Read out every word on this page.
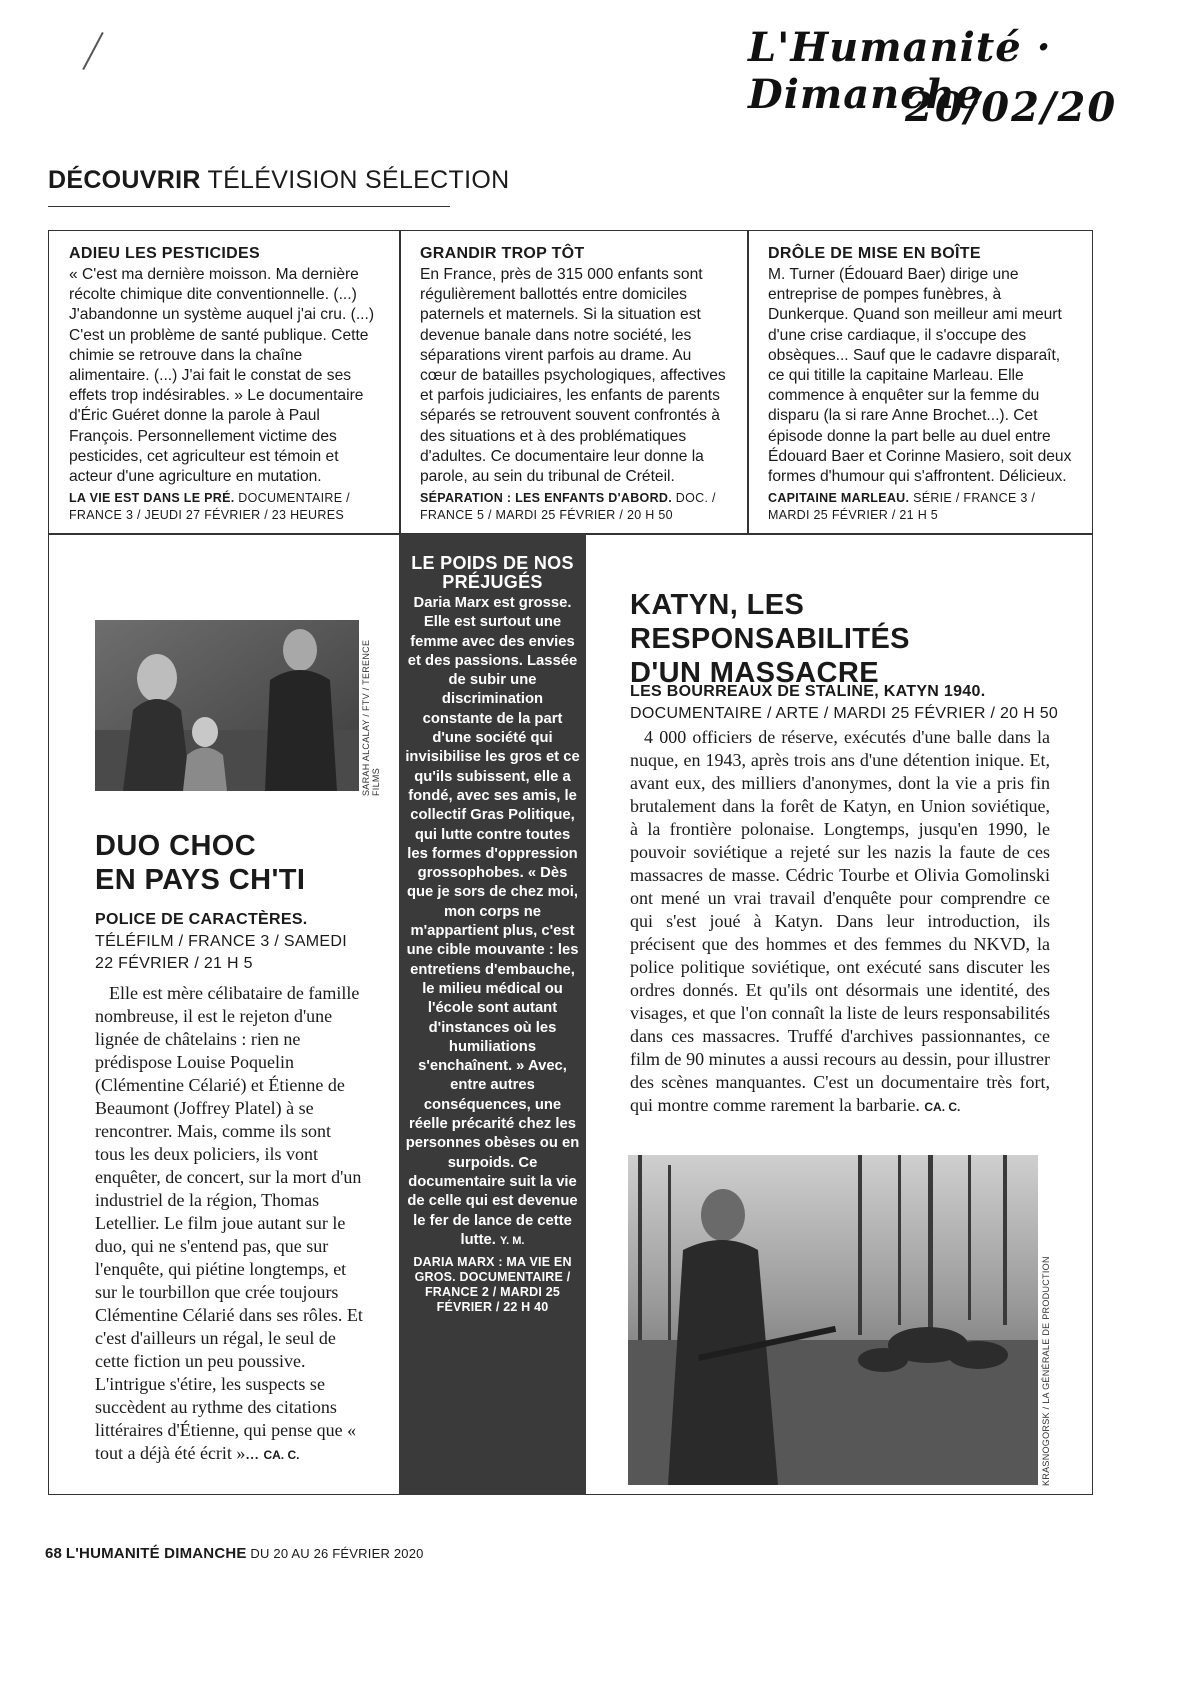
L'Humanité · Dimanche
20/02/20
DÉCOUVRIR TÉLÉVISION SÉLECTION
ADIEU LES PESTICIDES

« C'est ma dernière moisson. Ma dernière récolte chimique dite conventionnelle. (...) J'abandonne un système auquel j'ai cru. (...) C'est un problème de santé publique. Cette chimie se retrouve dans la chaîne alimentaire. (...) J'ai fait le constat de ses effets trop indésirables. » Le documentaire d'Éric Guéret donne la parole à Paul François. Personnellement victime des pesticides, cet agriculteur est témoin et acteur d'une agriculture en mutation.

LA VIE EST DANS LE PRÉ. DOCUMENTAIRE / FRANCE 3 / JEUDI 27 FÉVRIER / 23 HEURES
GRANDIR TROP TÔT

En France, près de 315 000 enfants sont régulièrement ballottés entre domiciles paternels et maternels. Si la situation est devenue banale dans notre société, les séparations virent parfois au drame. Au cœur de batailles psychologiques, affectives et parfois judiciaires, les enfants de parents séparés se retrouvent souvent confrontés à des situations et à des problématiques d'adultes. Ce documentaire leur donne la parole, au sein du tribunal de Créteil.

SÉPARATION : LES ENFANTS D'ABORD. DOC. / FRANCE 5 / MARDI 25 FÉVRIER / 20 H 50
DRÔLE DE MISE EN BOÎTE

M. Turner (Édouard Baer) dirige une entreprise de pompes funèbres, à Dunkerque. Quand son meilleur ami meurt d'une crise cardiaque, il s'occupe des obsèques... Sauf que le cadavre disparaît, ce qui titille la capitaine Marleau. Elle commence à enquêter sur la femme du disparu (la si rare Anne Brochet...). Cet épisode donne la part belle au duel entre Édouard Baer et Corinne Masiero, soit deux formes d'humour qui s'affrontent. Délicieux.

CAPITAINE MARLEAU. SÉRIE / FRANCE 3 / MARDI 25 FÉVRIER / 21 H 5
SARAH ALCALAY / FTV / TERENCE FILMS
DUO CHOC
EN PAYS CH'TI
POLICE DE CARACTÈRES.
TÉLÉFILM / FRANCE 3 / SAMEDI 22 FÉVRIER / 21 H 5
Elle est mère célibataire de famille nombreuse, il est le rejeton d'une lignée de châtelains : rien ne prédispose Louise Poquelin (Clémentine Célarié) et Étienne de Beaumont (Joffrey Platel) à se rencontrer. Mais, comme ils sont tous les deux policiers, ils vont enquêter, de concert, sur la mort d'un industriel de la région, Thomas Letellier. Le film joue autant sur le duo, qui ne s'entend pas, que sur l'enquête, qui piétine longtemps, et sur le tourbillon que crée toujours Clémentine Célarié dans ses rôles. Et c'est d'ailleurs un régal, le seul de cette fiction un peu poussive. L'intrigue s'étire, les suspects se succèdent au rythme des citations littéraires d'Étienne, qui pense que « tout a déjà été écrit »... CA. C.
LE POIDS DE NOS PRÉJUGÉS

Daria Marx est grosse. Elle est surtout une femme avec des envies et des passions. Lassée de subir une discrimination constante de la part d'une société qui invisibilise les gros et ce qu'ils subissent, elle a fondé, avec ses amis, le collectif Gras Politique, qui lutte contre toutes les formes d'oppression grossophobes. « Dès que je sors de chez moi, mon corps ne m'appartient plus, c'est une cible mouvante : les entretiens d'embauche, le milieu médical ou l'école sont autant d'instances où les humiliations s'enchaînent. » Avec, entre autres conséquences, une réelle précarité chez les personnes obèses ou en surpoids. Ce documentaire suit la vie de celle qui est devenue le fer de lance de cette lutte. Y. M.

DARIA MARX : MA VIE EN GROS. DOCUMENTAIRE / FRANCE 2 / MARDI 25 FÉVRIER / 22 H 40
KATYN, LES RESPONSABILITÉS
D'UN MASSACRE
LES BOURREAUX DE STALINE, KATYN 1940.
DOCUMENTAIRE / ARTE / MARDI 25 FÉVRIER / 20 H 50
4 000 officiers de réserve, exécutés d'une balle dans la nuque, en 1943, après trois ans d'une détention inique. Et, avant eux, des milliers d'anonymes, dont la vie a pris fin brutalement dans la forêt de Katyn, en Union soviétique, à la frontière polonaise. Longtemps, jusqu'en 1990, le pouvoir soviétique a rejeté sur les nazis la faute de ces massacres de masse. Cédric Tourbe et Olivia Gomolinski ont mené un vrai travail d'enquête pour comprendre ce qui s'est joué à Katyn. Dans leur introduction, ils précisent que des hommes et des femmes du NKVD, la police politique soviétique, ont exécuté sans discuter les ordres donnés. Et qu'ils ont désormais une identité, des visages, et que l'on connaît la liste de leurs responsabilités dans ces massacres. Truffé d'archives passionnantes, ce film de 90 minutes a aussi recours au dessin, pour illustrer des scènes manquantes. C'est un documentaire très fort, qui montre comme rarement la barbarie. CA. C.
KRASNOGORSK / LA GÉNÉRALE DE PRODUCTION
68 L'HUMANITÉ DIMANCHE DU 20 AU 26 FÉVRIER 2020
